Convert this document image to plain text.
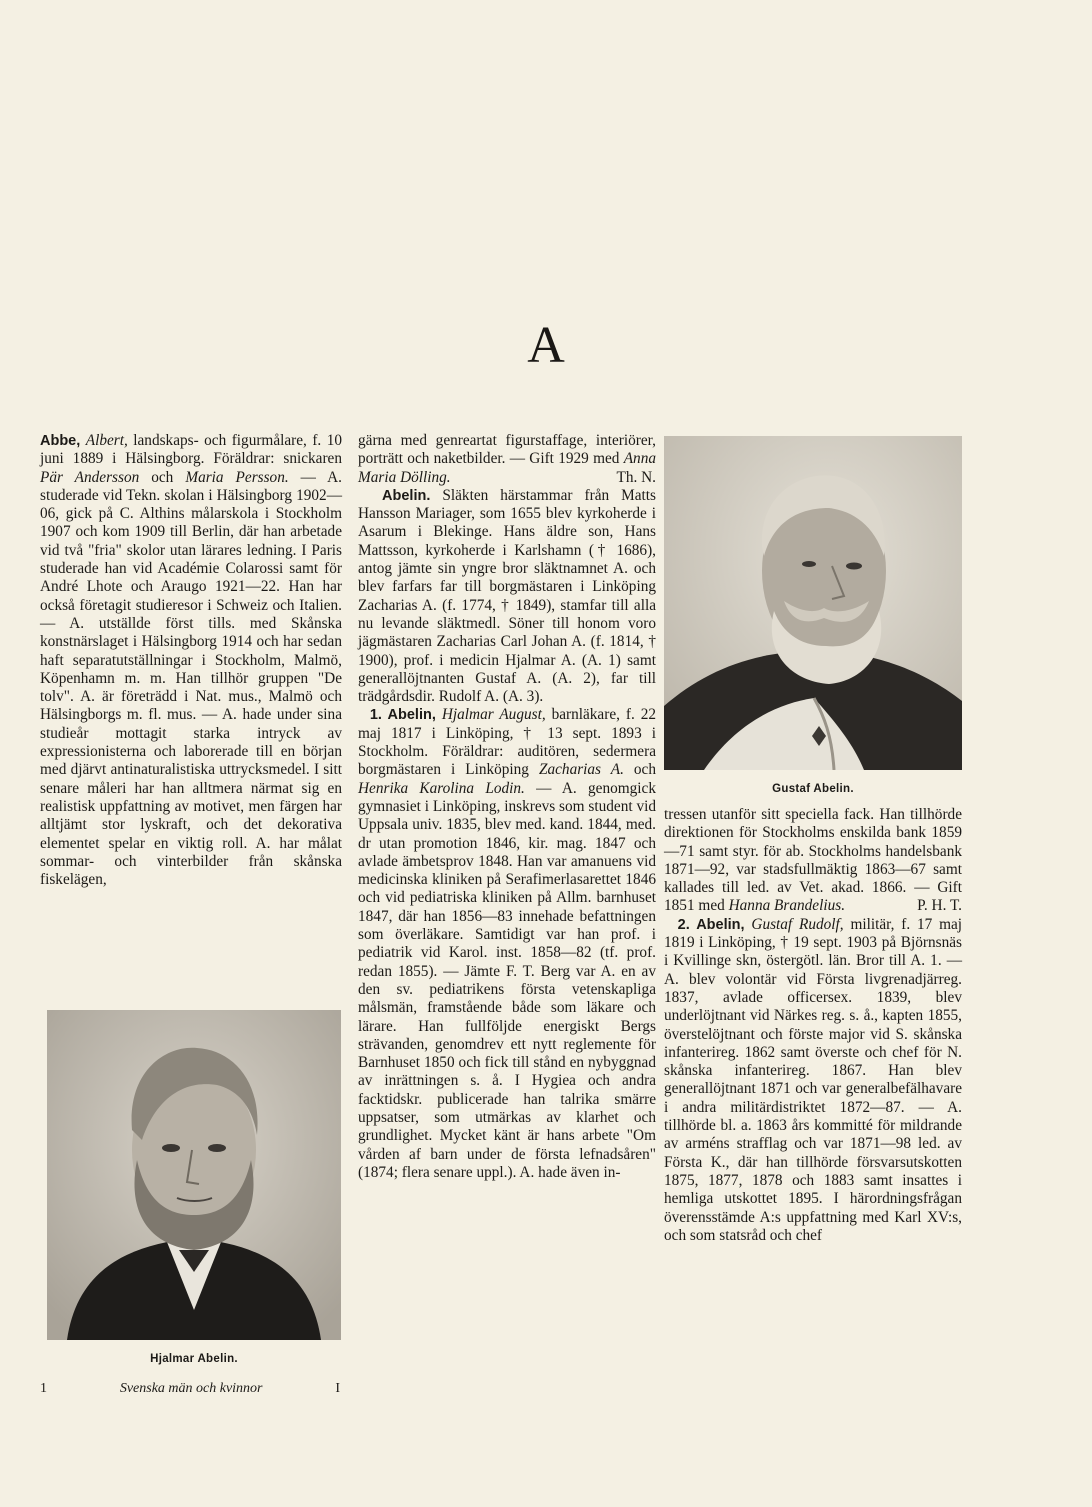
A

Abbe, Albert, landskaps- och figurmålare, f. 10 juni 1889 i Hälsingborg. Föräldrar: snickaren Pär Andersson och Maria Persson. — A. studerade vid Tekn. skolan i Hälsingborg 1902—06, gick på C. Althins målarskola i Stockholm 1907 och kom 1909 till Berlin, där han arbetade vid två "fria" skolor utan lärares ledning. I Paris studerade han vid Académie Colarossi samt för André Lhote och Araugo 1921—22. Han har också företagit studieresor i Schweiz och Italien. — A. utställde först tills. med Skånska konstnärslaget i Hälsingborg 1914 och har sedan haft separatutställningar i Stockholm, Malmö, Köpenhamn m. m. Han tillhör gruppen "De tolv". A. är företrädd i Nat. mus., Malmö och Hälsingborgs m. fl. mus. — A. hade under sina studieår mottagit starka intryck av expressionisterna och laborerade till en början med djärvt antinaturalistiska uttrycksmedel. I sitt senare måleri har han alltmera närmat sig en realistisk uppfattning av motivet, men färgen har alltjämt stor lyskraft, och det dekorativa elementet spelar en viktig roll. A. har målat sommar- och vinterbilder från skånska fiskelägen,

Hjalmar Abelin.
1	Svenska män och kvinnor	I

gärna med genreartat figurstaffage, interiörer, porträtt och naketbilder. — Gift 1929 med Anna Maria Dölling.	Th. N.

Abelin. Släkten härstammar från Matts Hansson Mariager, som 1655 blev kyrkoherde i Asarum i Blekinge. Hans äldre son, Hans Mattsson, kyrkoherde i Karlshamn († 1686), antog jämte sin yngre bror släktnamnet A. och blev farfars far till borgmästaren i Linköping Zacharias A. (f. 1774, † 1849), stamfar till alla nu levande släktmedl. Söner till honom voro jägmästaren Zacharias Carl Johan A. (f. 1814, † 1900), prof. i medicin Hjalmar A. (A. 1) samt generallöjtnanten Gustaf A. (A. 2), far till trädgårdsdir. Rudolf A. (A. 3).

1. Abelin, Hjalmar August, barnläkare, f. 22 maj 1817 i Linköping, † 13 sept. 1893 i Stockholm. Föräldrar: auditören, sedermera borgmästaren i Linköping Zacharias A. och Henrika Karolina Lodin. — A. genomgick gymnasiet i Linköping, inskrevs som student vid Uppsala univ. 1835, blev med. kand. 1844, med. dr utan promotion 1846, kir. mag. 1847 och avlade ämbetsprov 1848. Han var amanuens vid medicinska kliniken på Serafimerlasarettet 1846 och vid pediatriska kliniken på Allm. barnhuset 1847, där han 1856—83 innehade befattningen som överläkare. Samtidigt var han prof. i pediatrik vid Karol. inst. 1858—82 (tf. prof. redan 1855). — Jämte F. T. Berg var A. en av den sv. pediatrikens första vetenskapliga målsmän, framstående både som läkare och lärare. Han fullföljde energiskt Bergs strävanden, genomdrev ett nytt reglemente för Barnhuset 1850 och fick till stånd en nybyggnad av inrättningen s. å. I Hygiea och andra facktidskr. publicerade han talrika smärre uppsatser, som utmärkas av klarhet och grundlighet. Mycket känt är hans arbete "Om vården af barn under de första lefnadsåren" (1874; flera senare uppl.). A. hade även in-

Gustaf Abelin.

tressen utanför sitt speciella fack. Han tillhörde direktionen för Stockholms enskilda bank 1859—71 samt styr. för ab. Stockholms handelsbank 1871—92, var stadsfullmäktig 1863—67 samt kallades till led. av Vet. akad. 1866. — Gift 1851 med Hanna Brandelius.	P. H. T.

2. Abelin, Gustaf Rudolf, militär, f. 17 maj 1819 i Linköping, † 19 sept. 1903 på Björnsnäs i Kvillinge skn, östergötl. län. Bror till A. 1. — A. blev volontär vid Första livgrenadjärreg. 1837, avlade officersex. 1839, blev underlöjtnant vid Närkes reg. s. å., kapten 1855, överstelöjtnant och förste major vid S. skånska infanterireg. 1862 samt överste och chef för N. skånska infanterireg. 1867. Han blev generallöjtnant 1871 och var generalbefälhavare i andra militärdistriktet 1872—87. — A. tillhörde bl. a. 1863 års kommitté för mildrande av arméns strafflag och var 1871—98 led. av Första K., där han tillhörde försvarsutskotten 1875, 1877, 1878 och 1883 samt insattes i hemliga utskottet 1895. I härordningsfrågan överensstämde A:s uppfattning med Karl XV:s, och som statsråd och chef
